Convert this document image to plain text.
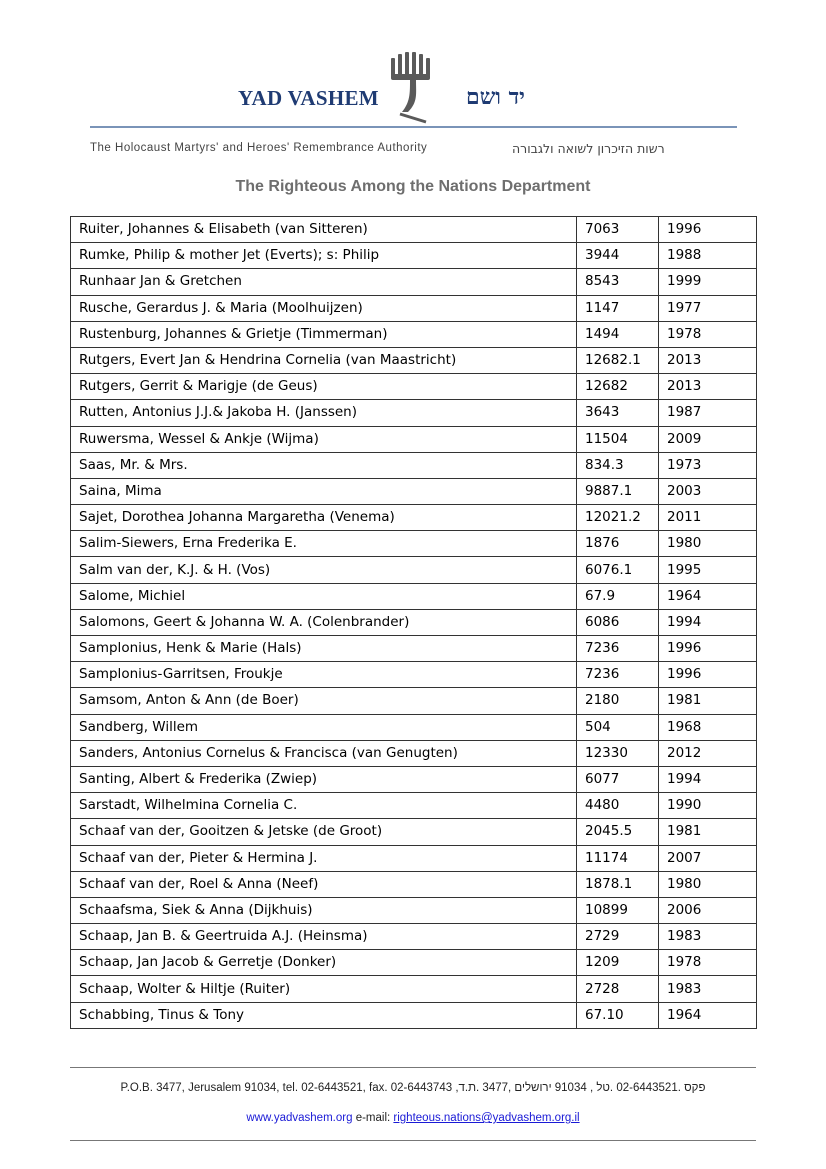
YAD VASHEM	יד ושם
The Holocaust Martyrs' and Heroes' Remembrance Authority	רשות הזיכרון לשואה ולגבורה
The Righteous Among the Nations Department
Ruiter, Johannes & Elisabeth (van Sitteren)	7063	1996
Rumke, Philip & mother Jet (Everts); s: Philip	3944	1988
Runhaar Jan & Gretchen	8543	1999
Rusche, Gerardus J. & Maria (Moolhuijzen)	1147	1977
Rustenburg, Johannes & Grietje (Timmerman)	1494	1978
Rutgers, Evert Jan & Hendrina Cornelia (van Maastricht)	12682.1	2013
Rutgers, Gerrit & Marigje (de Geus)	12682	2013
Rutten, Antonius J.J.& Jakoba H. (Janssen)	3643	1987
Ruwersma, Wessel & Ankje (Wijma)	11504	2009
Saas, Mr. & Mrs.	834.3	1973
Saina, Mima	9887.1	2003
Sajet, Dorothea Johanna Margaretha (Venema)	12021.2	2011
Salim-Siewers, Erna Frederika E.	1876	1980
Salm van der, K.J. & H. (Vos)	6076.1	1995
Salome, Michiel	67.9	1964
Salomons, Geert & Johanna W. A. (Colenbrander)	6086	1994
Samplonius, Henk & Marie (Hals)	7236	1996
Samplonius-Garritsen, Froukje	7236	1996
Samsom, Anton & Ann (de Boer)	2180	1981
Sandberg, Willem	504	1968
Sanders, Antonius Cornelus & Francisca (van Genugten)	12330	2012
Santing, Albert & Frederika (Zwiep)	6077	1994
Sarstadt, Wilhelmina Cornelia C.	4480	1990
Schaaf van der, Gooitzen & Jetske (de Groot)	2045.5	1981
Schaaf van der, Pieter & Hermina J.	11174	2007
Schaaf van der, Roel & Anna (Neef)	1878.1	1980
Schaafsma, Siek & Anna (Dijkhuis)	10899	2006
Schaap, Jan B. & Geertruida A.J. (Heinsma)	2729	1983
Schaap, Jan Jacob & Gerretje (Donker)	1209	1978
Schaap, Wolter & Hiltje (Ruiter)	2728	1983
Schabbing, Tinus & Tony	67.10	1964
P.O.B. 3477, Jerusalem 91034, tel. 02-6443521, fax. 02-6443743 ,פקס .02-6443521 .טל , 91034 ירושלים ,3477 .ת.ד
www.yadvashem.org e-mail: righteous.nations@yadvashem.org.il
